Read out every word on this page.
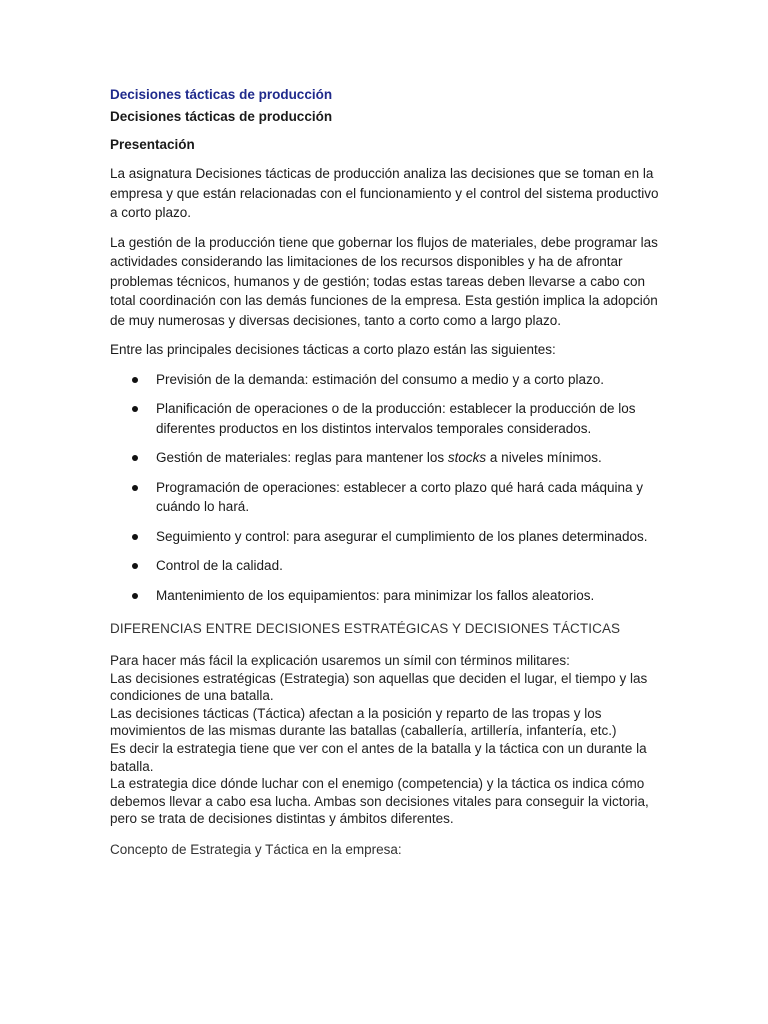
Decisiones tácticas de producción
Decisiones tácticas de producción
Presentación

La asignatura Decisiones tácticas de producción analiza las decisiones que se toman en la empresa y que están relacionadas con el funcionamiento y el control del sistema productivo a corto plazo.

La gestión de la producción tiene que gobernar los flujos de materiales, debe programar las actividades considerando las limitaciones de los recursos disponibles y ha de afrontar problemas técnicos, humanos y de gestión; todas estas tareas deben llevarse a cabo con total coordinación con las demás funciones de la empresa. Esta gestión implica la adopción de muy numerosas y diversas decisiones, tanto a corto como a largo plazo.

Entre las principales decisiones tácticas a corto plazo están las siguientes:

Previsión de la demanda: estimación del consumo a medio y a corto plazo.
Planificación de operaciones o de la producción: establecer la producción de los diferentes productos en los distintos intervalos temporales considerados.
Gestión de materiales: reglas para mantener los stocks a niveles mínimos.
Programación de operaciones: establecer a corto plazo qué hará cada máquina y cuándo lo hará.
Seguimiento y control: para asegurar el cumplimiento de los planes determinados.
Control de la calidad.
Mantenimiento de los equipamientos: para minimizar los fallos aleatorios.
DIFERENCIAS ENTRE DECISIONES ESTRATÉGICAS Y DECISIONES TÁCTICAS

Para hacer más fácil la explicación usaremos un símil con términos militares:

Las decisiones estratégicas (Estrategia) son aquellas que deciden el lugar, el tiempo y las condiciones de una batalla.

Las decisiones tácticas (Táctica) afectan a la posición y reparto de las tropas y los movimientos de las mismas durante las batallas (caballería, artillería, infantería, etc.)

Es decir la estrategia tiene que ver con el antes de la batalla y la táctica con un durante la batalla.

La estrategia dice dónde luchar con el enemigo (competencia) y la táctica os indica cómo debemos llevar a cabo esa lucha. Ambas son decisiones vitales para conseguir la victoria, pero se trata de decisiones distintas y ámbitos diferentes.

Concepto de Estrategia y Táctica en la empresa:
